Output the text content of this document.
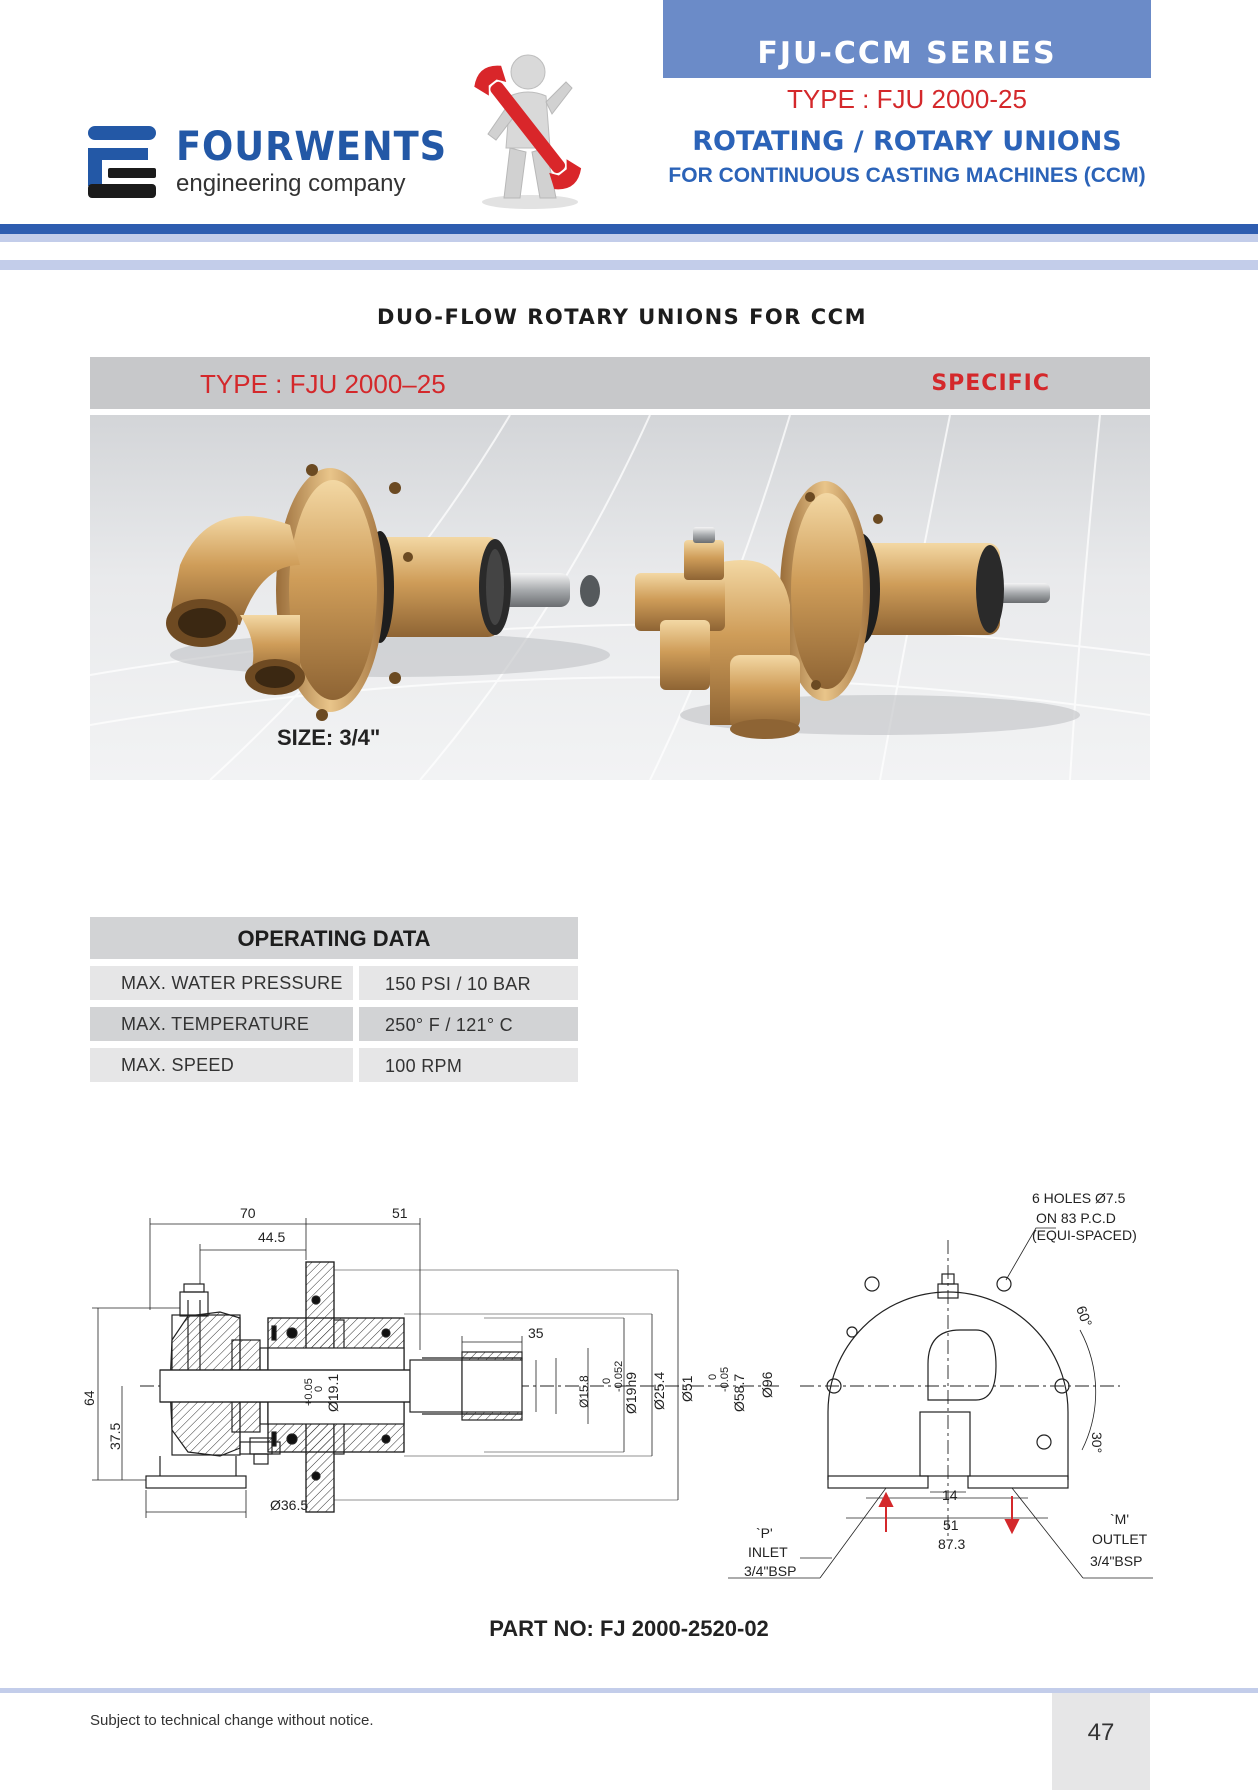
FOURWENTS
engineering company
FJU-CCM SERIES
TYPE : FJU 2000-25
ROTATING / ROTARY UNIONS
FOR CONTINUOUS CASTING MACHINES (CCM)
DUO-FLOW ROTARY UNIONS FOR CCM
TYPE : FJU 2000–25	SPECIFIC
SIZE: 3/4"
OPERATING DATA
MAX. WATER PRESSURE	150 PSI / 10 BAR
MAX. TEMPERATURE	250° F / 121° C
MAX. SPEED	100 RPM
70	51
44.5
35
Ø36.5
64
37.5
+0.05
0 Ø19.1	Ø15.8 0 -0.052
Ø19h9 Ø25.4 Ø51 0 -0.05 Ø58.7 Ø96
6 HOLES Ø7.5
ON 83 P.C.D
(EQUI-SPACED)
60°
30°
14
51
87.3
`P'
INLET
3/4"BSP
`M'
OUTLET
3/4"BSP
PART NO: FJ 2000-2520-02
Subject to technical change without notice.	47
